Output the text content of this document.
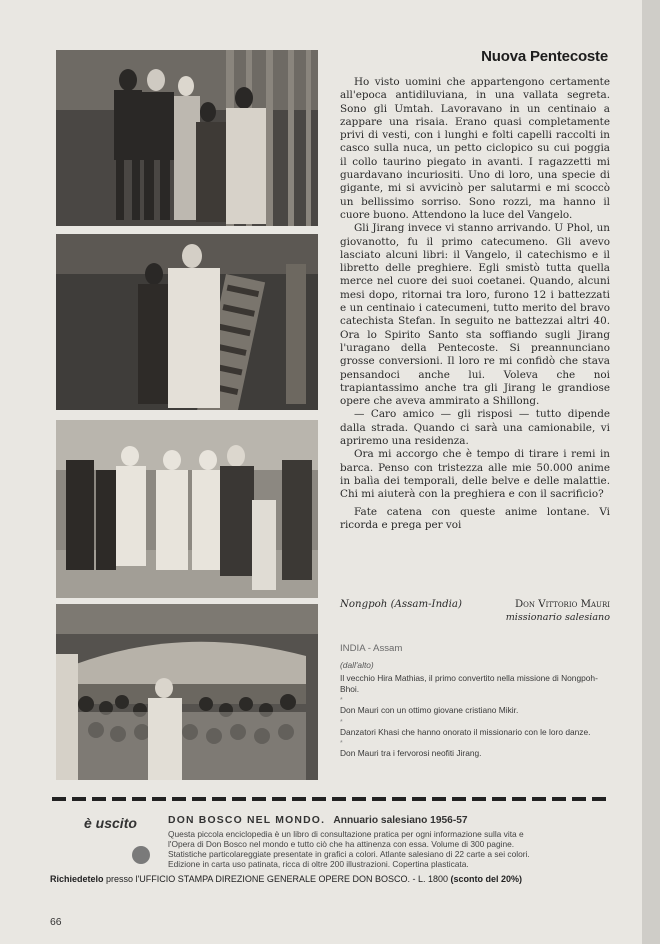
Nuova Pentecoste

Ho visto uomini che appartengono certamente all'epoca antidiluviana, in una vallata segreta. Sono gli Umtah. Lavoravano in un centinaio a zappare una risaia. Erano quasi completamente privi di vesti, con i lunghi e folti capelli raccolti in casco sulla nuca, un petto ciclopico su cui poggia il collo taurino piegato in avanti. I ragazzetti mi guardavano incuriositi. Uno di loro, una specie di gigante, mi si avvicinò per salutarmi e mi scoccò un bellissimo sorriso. Sono rozzi, ma hanno il cuore buono. Attendono la luce del Vangelo.

Gli Jirang invece vi stanno arrivando. U Phol, un giovanotto, fu il primo catecumeno. Gli avevo lasciato alcuni libri: il Vangelo, il catechismo e il libretto delle preghiere. Egli smistò tutta quella merce nel cuore dei suoi coetanei. Quando, alcuni mesi dopo, ritornai tra loro, furono 12 i battezzati e un centinaio i catecumeni, tutto merito del bravo catechista Stefan. In seguito ne battezzai altri 40. Ora lo Spirito Santo sta soffiando sugli Jirang l'uragano della Pentecoste. Si preannunciano grosse conversioni. Il loro re mi confidò che stava pensandoci anche lui. Voleva che noi trapiantassimo anche tra gli Jirang le grandiose opere che aveva ammirato a Shillong.

— Caro amico — gli risposi — tutto dipende dalla strada. Quando ci sarà una camionabile, vi apriremo una residenza.

Ora mi accorgo che è tempo di tirare i remi in barca. Penso con tristezza alle mie 50.000 anime in balìa dei temporali, delle belve e delle malattie. Chi mi aiuterà con la preghiera e con il sacrificio?

Fate catena con queste anime lontane. Vi ricorda e prega per voi

Nongpoh (Assam-India)	Don Vittorio Mauri
missionario salesiano
INDIA - Assam
(dall'alto)
Il vecchio Hira Mathias, il primo convertito nella missione di Nongpoh-Bhoi.
*
Don Mauri con un ottimo giovane cristiano Mikir.
*
Danzatori Khasi che hanno onorato il missionario con le loro danze.
*
Don Mauri tra i fervorosi neofiti Jirang.
è uscito	DON BOSCO NEL MONDO. Annuario salesiano 1956-57
Questa piccola enciclopedia è un libro di consultazione pratica per ogni informazione sulla vita e
l'Opera di Don Bosco nel mondo e tutto ciò che ha attinenza con essa. Volume di 300 pagine.
Statistiche particolareggiate presentate in grafici a colori. Atlante salesiano di 22 carte a sei colori.
Edizione in carta uso patinata, ricca di oltre 200 illustrazioni. Copertina plasticata.
Richiedetelo presso l'UFFICIO STAMPA DIREZIONE GENERALE OPERE DON BOSCO. - L. 1800 (sconto del 20%)
66
